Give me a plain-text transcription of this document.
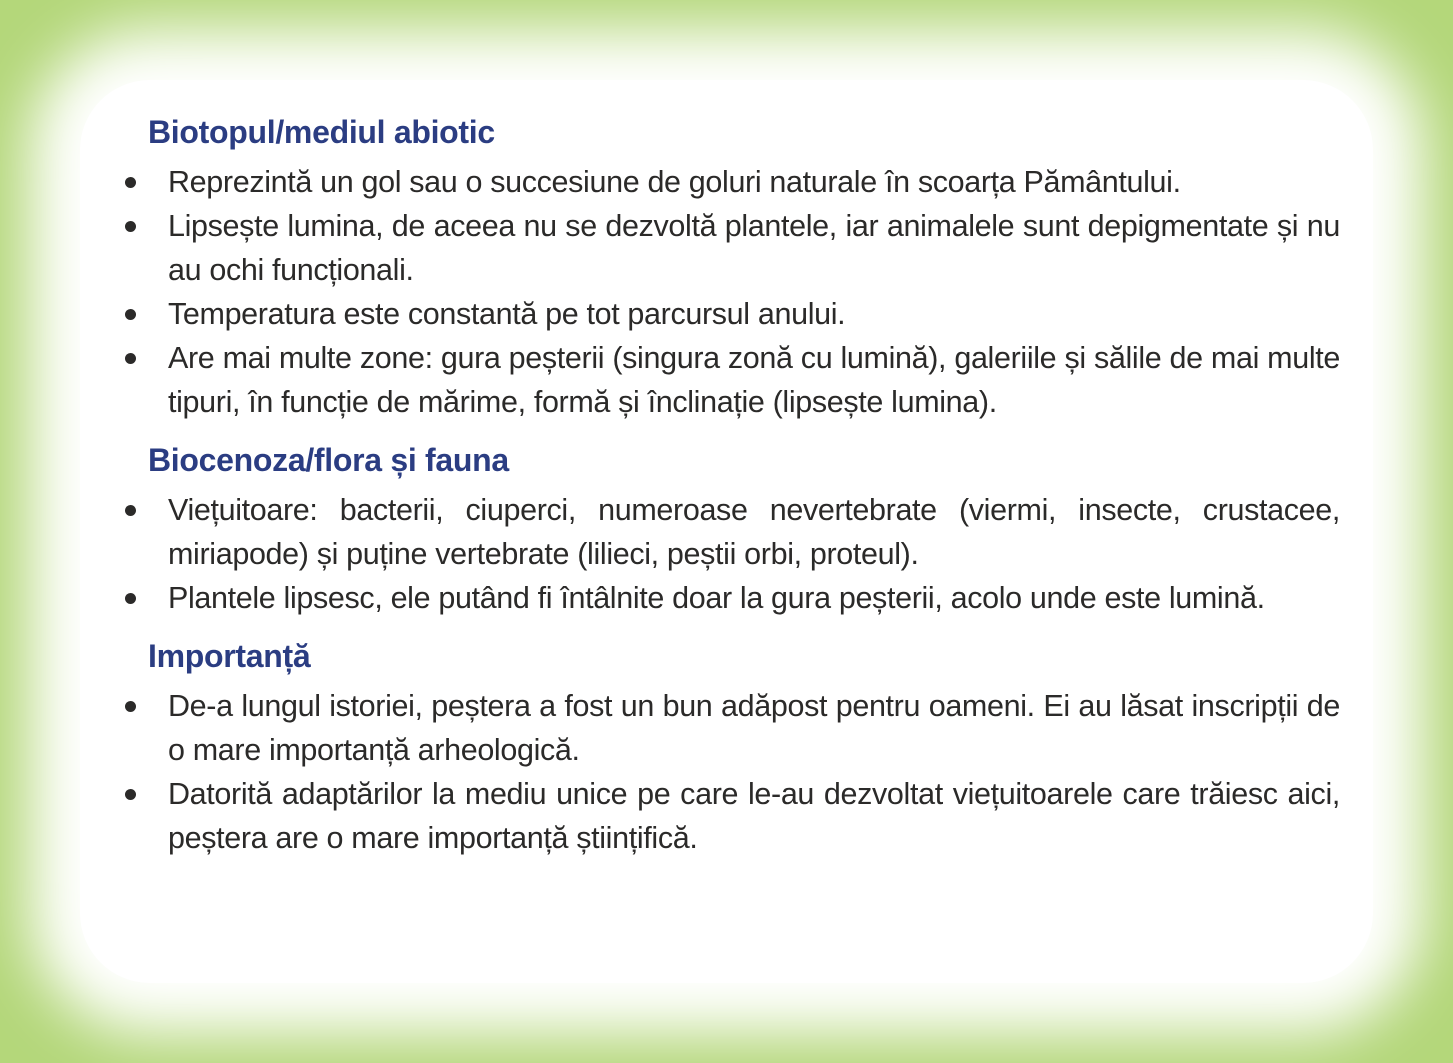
Biotopul/mediul abiotic
Reprezintă un gol sau o succesiune de goluri naturale în scoarța Pământului.
Lipsește lumina, de aceea nu se dezvoltă plantele, iar animalele sunt depigmentate și nu au ochi funcționali.
Temperatura este constantă pe tot parcursul anului.
Are mai multe zone: gura peșterii (singura zonă cu lumină), galeriile și sălile de mai multe tipuri, în funcție de mărime, formă și înclinație (lipsește lumina).
Biocenoza/flora și fauna
Viețuitoare: bacterii, ciuperci, numeroase nevertebrate (viermi, insecte, crustacee, miriapode) și puține vertebrate (lilieci, peștii orbi, proteul).
Plantele lipsesc, ele putând fi întâlnite doar la gura peșterii, acolo unde este lumină.
Importanță
De-a lungul istoriei, peștera a fost un bun adăpost pentru oameni. Ei au lăsat inscripții de o mare importanță arheologică.
Datorită adaptărilor la mediu unice pe care le-au dezvoltat viețuitoarele care trăiesc aici, peștera are o mare importanță științifică.
